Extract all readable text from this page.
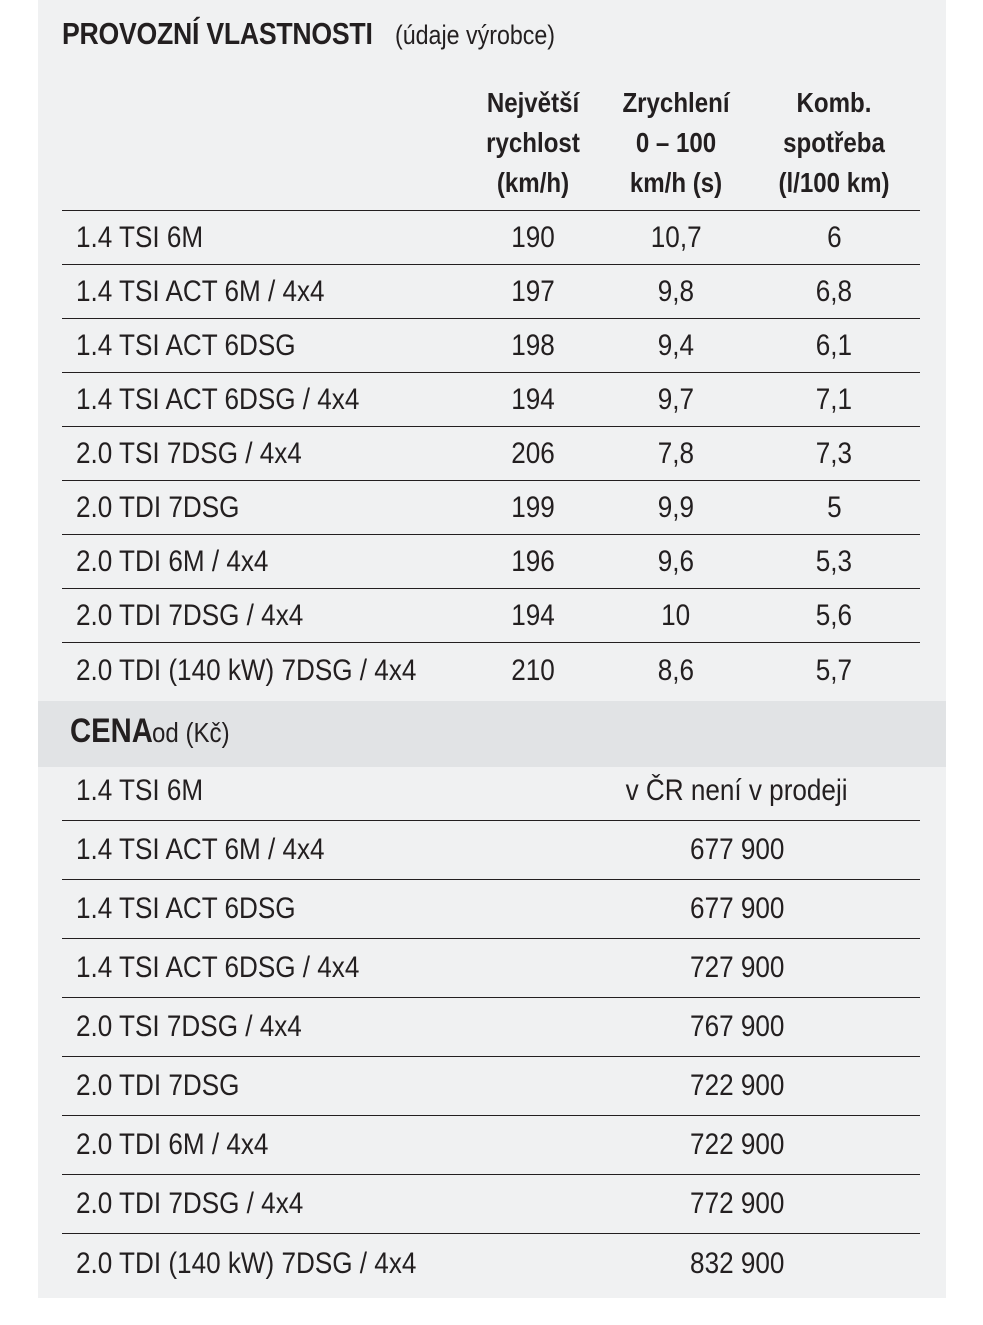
PROVOZNÍ VLASTNOSTI (údaje výrobce)
Největší
rychlost
(km/h)
Zrychlení
0 – 100
km/h (s)
Komb.
spotřeba
(l/100 km)
1.4 TSI 6M	190	10,7	6
1.4 TSI ACT 6M / 4x4	197	9,8	6,8
1.4 TSI ACT 6DSG	198	9,4	6,1
1.4 TSI ACT 6DSG / 4x4	194	9,7	7,1
2.0 TSI 7DSG / 4x4	206	7,8	7,3
2.0 TDI 7DSG	199	9,9	5
2.0 TDI 6M / 4x4	196	9,6	5,3
2.0 TDI 7DSG / 4x4	194	10	5,6
2.0 TDI (140 kW) 7DSG / 4x4	210	8,6	5,7
CENA od (Kč)
1.4 TSI 6M	v ČR není v prodeji
1.4 TSI ACT 6M / 4x4	677 900
1.4 TSI ACT 6DSG	677 900
1.4 TSI ACT 6DSG / 4x4	727 900
2.0 TSI 7DSG / 4x4	767 900
2.0 TDI 7DSG	722 900
2.0 TDI 6M / 4x4	722 900
2.0 TDI 7DSG / 4x4	772 900
2.0 TDI (140 kW) 7DSG / 4x4	832 900
